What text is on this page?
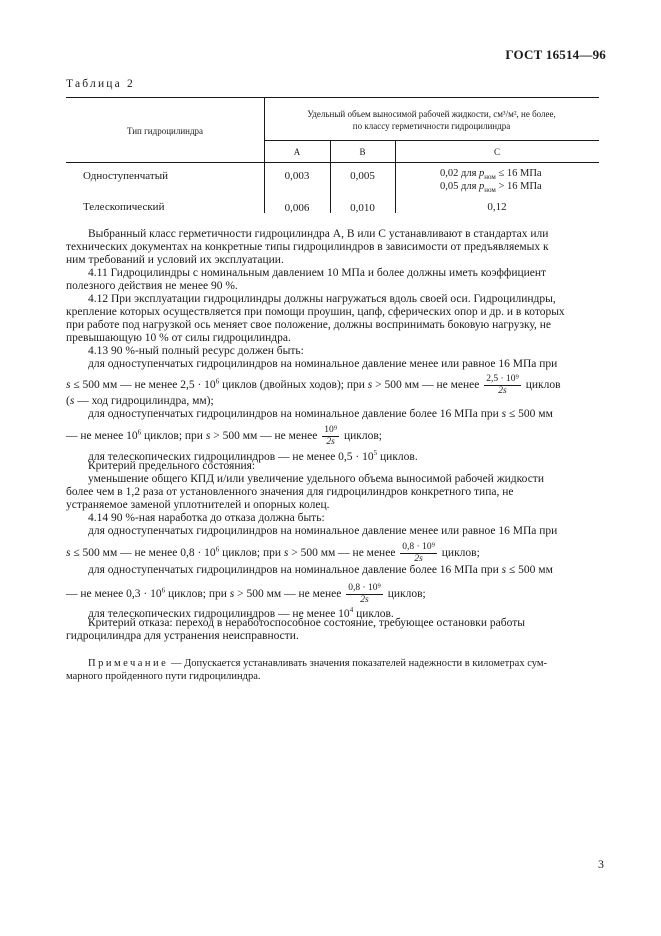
ГОСТ 16514—96
Таблица 2
Тип гидроцилиндра
Удельный объем выносимой рабочей жидкости, см³/м², не более,
по классу герметичности гидроцилиндра
А	В	С
Одноступенчатый	0,003	0,005	0,02 для $p_{ном} \le 16$ МПа
0,05 для $p_{ном} > 16$ МПа
Телескопический	0,006	0,010	0,12
Выбранный класс герметичности гидроцилиндра А, В или С устанавливают в стандартах или
технических документах на конкретные типы гидроцилиндров в зависимости от предъявляемых к
ним требований и условий их эксплуатации.
4.11 Гидроцилиндры с номинальным давлением 10 МПа и более должны иметь коэффициент
полезного действия не менее 90 %.
4.12 При эксплуатации гидроцилиндры должны нагружаться вдоль своей оси. Гидроцилиндры,
крепление которых осуществляется при помощи проушин, цапф, сферических опор и др. и в которых
при работе под нагрузкой ось меняет свое положение, должны воспринимать боковую нагрузку, не
превышающую 10 % от силы гидроцилиндра.
4.13 90 %-ный полный ресурс должен быть:
для одноступенчатых гидроцилиндров на номинальное давление менее или равное 16 МПа при
s ≤ 500 мм — не менее $2,5 \cdot 10^6$ циклов (двойных ходов); при s > 500 мм — не менее $\frac{\text{2,5 · 10⁹}}{2s}$ циклов
(s — ход гидроцилиндра, мм);
для одноступенчатых гидроцилиндров на номинальное давление более 16 МПа при s ≤ 500 мм
— не менее $10^6$ циклов; при s > 500 мм — не менее $\frac{\text{10⁹}}{2s}$ циклов;
для телескопических гидроцилиндров — не менее $0,5 \cdot 10^5$ циклов.
Критерий предельного состояния:
уменьшение общего КПД и/или увеличение удельного объема выносимой рабочей жидкости
более чем в 1,2 раза от установленного значения для гидроцилиндров конкретного типа, не
устраняемое заменой уплотнителей и опорных колец.
4.14 90 %-ная наработка до отказа должна быть:
для одноступенчатых гидроцилиндров на номинальное давление менее или равное 16 МПа при
s ≤ 500 мм — не менее $0,8 \cdot 10^6$ циклов; при s > 500 мм — не менее $\frac{\text{0,8 · 10⁹}}{2s}$ циклов;
для одноступенчатых гидроцилиндров на номинальное давление более 16 МПа при s ≤ 500 мм
— не менее $0,3 \cdot 10^6$ циклов; при s > 500 мм — не менее $\frac{\text{0,8 · 10⁹}}{2s}$ циклов;
для телескопических гидроцилиндров — не менее $10^4$ циклов.
Критерий отказа: переход в неработоспособное состояние, требующее остановки работы
гидроцилиндра для устранения неисправности.
Примечание — Допускается устанавливать значения показателей надежности в километрах сум-
марного пройденного пути гидроцилиндра.
3
